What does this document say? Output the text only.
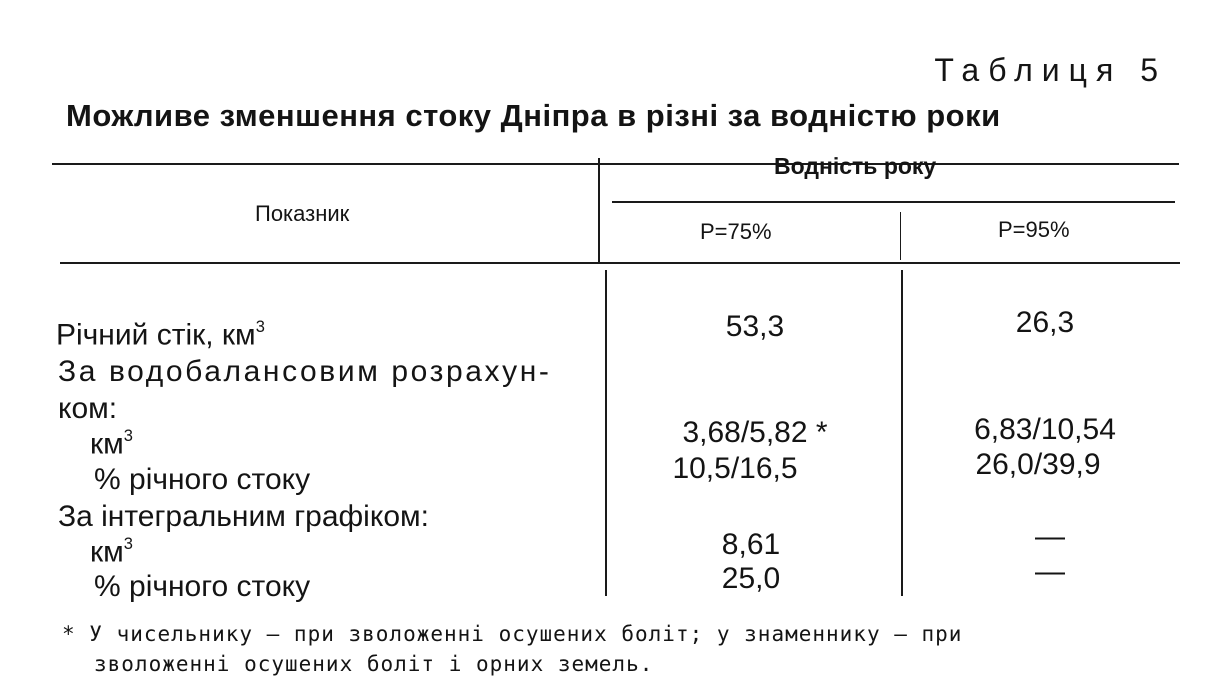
Таблиця 5
Можливе зменшення стоку Дніпра в різні за водністю роки
Показник
Водність року
P=75%	P=95%
Річний стік, $км^3$
За водобалансовим розрахун-
ком:
$км^3$
% річного стоку
За інтегральним графіком:
$км^3$
% річного стоку
53,3
3,68/5,82 *
10,5/16,5
8,61
25,0
26,3
6,83/10,54
26,0/39,9
—
—
* У чисельнику — при зволоженні осушених боліт; у знаменнику — при
зволоженні осушених боліт і орних земель.
